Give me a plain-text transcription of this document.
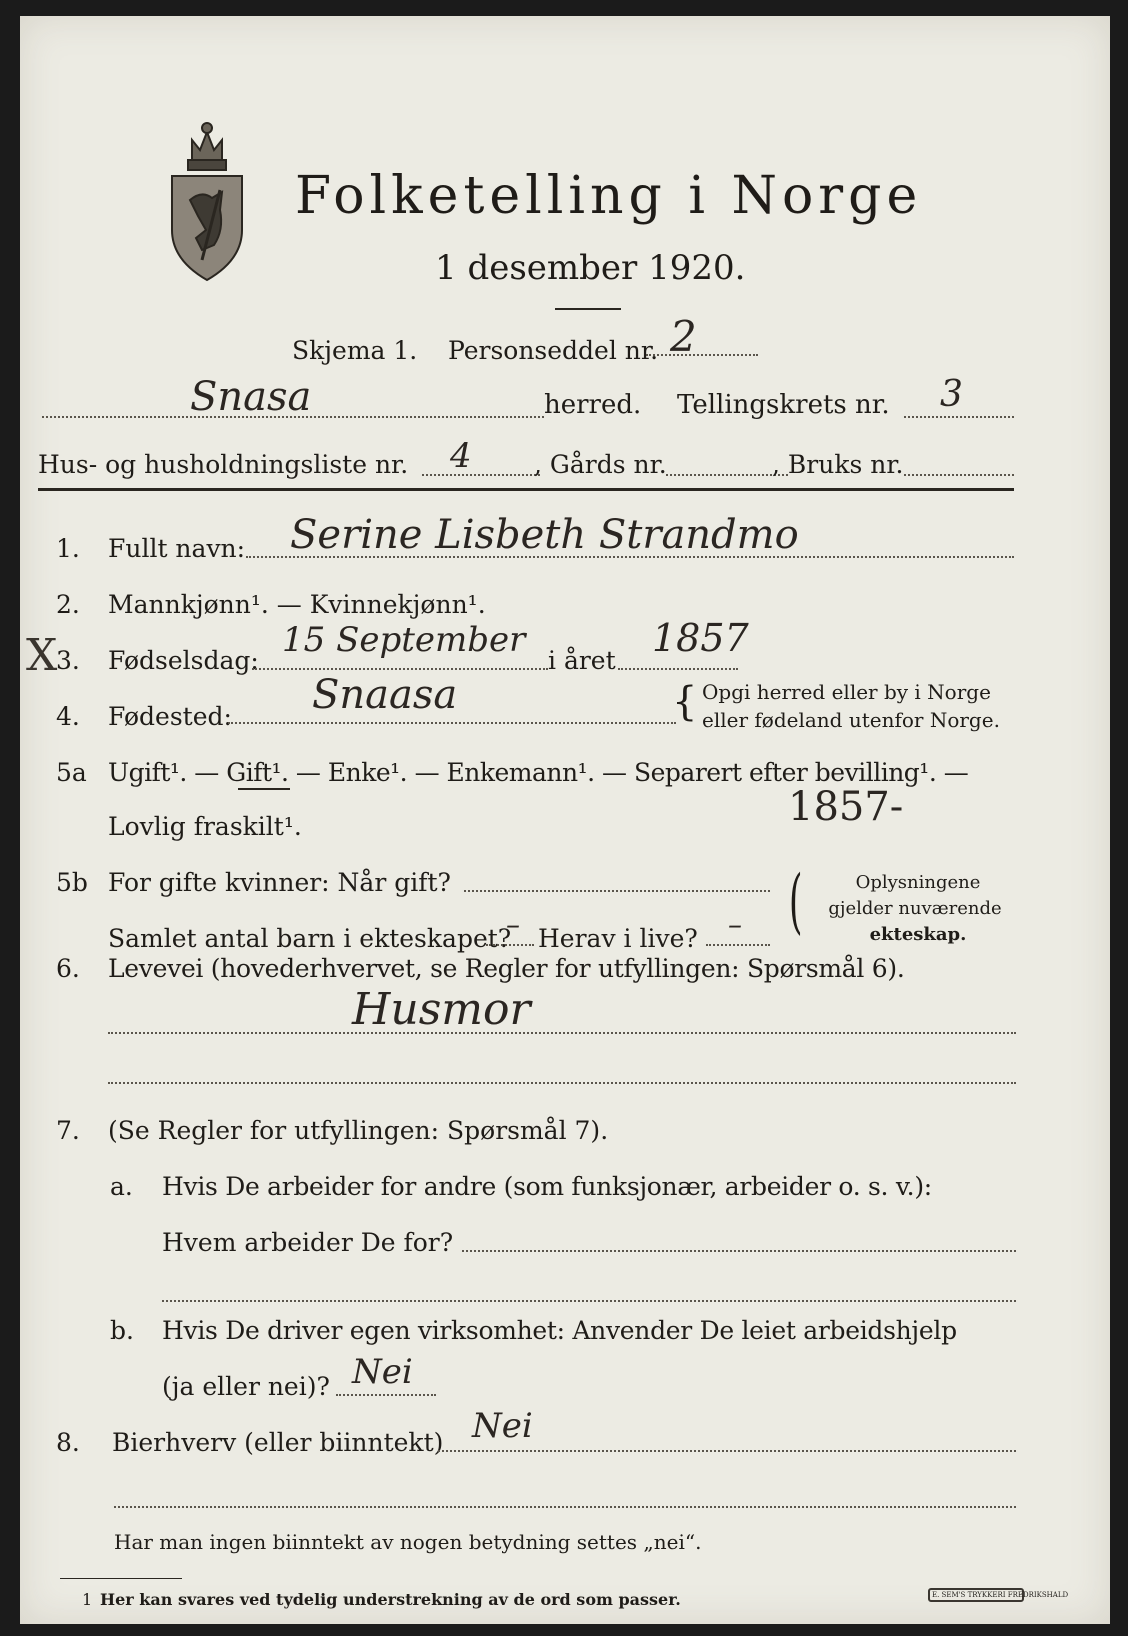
Folketelling i Norge
1 desember 1920.
Skjema 1. Personseddel nr. 2
Snasa	herred. Tellingskrets nr. 3
Hus- og husholdningsliste nr. 4 , Gårds nr.	, Bruks nr.
X
1. Fullt navn: Serine Lisbeth Strandmo
2. Mannkjønn¹. — Kvinnekjønn¹.
3. Fødselsdag:
15 September
i året
1857
4. Fødested: Snaasa	{ Opgi herred eller by i Norge
eller fødeland utenfor Norge.
5a Ugift¹. — Gift¹. — Enke¹. — Enkemann¹. — Separert efter bevilling¹. —
Lovlig fraskilt¹.	1857-
5b For gifte kvinner: Når gift?
Samlet antal barn i ekteskapet?
– Herav i live? – (	Oplysningene
gjelder nuværende
ekteskap.
6. Levevei (hovederhvervet, se Regler for utfyllingen: Spørsmål 6).
Husmor
7. (Se Regler for utfyllingen: Spørsmål 7).
a. Hvis De arbeider for andre (som funksjonær, arbeider o. s. v.):
Hvem arbeider De for?
b. Hvis De driver egen virksomhet: Anvender De leiet arbeidshjelp
(ja eller nei)? Nei
8. Bierhverv (eller biinntekt) Nei
Har man ingen biinntekt av nogen betydning settes „nei“.
1 Her kan svares ved tydelig understrekning av de ord som passer.	E. SEM'S TRYKKERI FREDRIKSHALD
